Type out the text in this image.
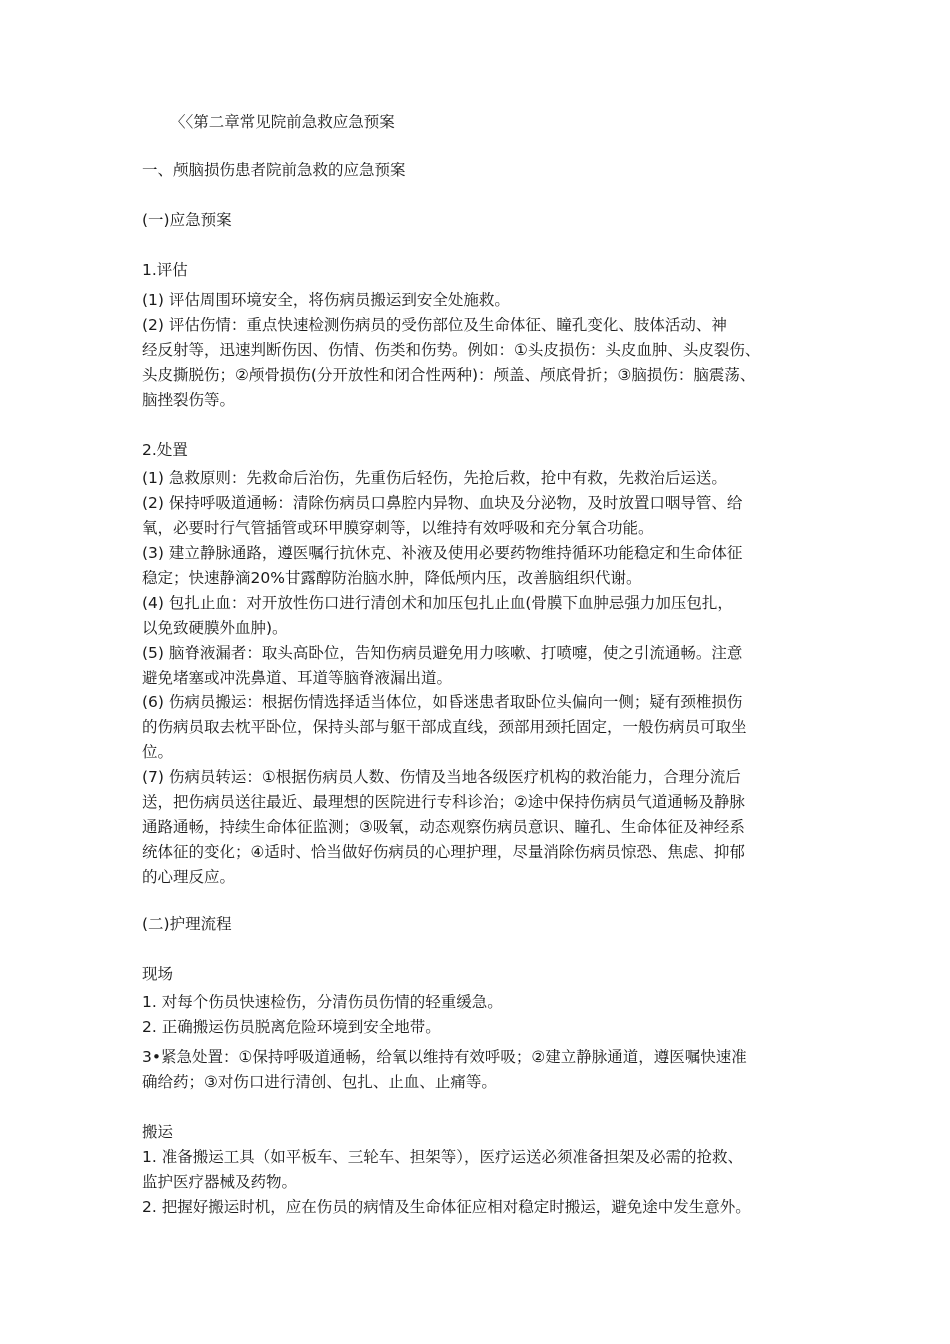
〈〈第二章常见院前急救应急预案
一、颅脑损伤患者院前急救的应急预案
(一)应急预案
1.评估
(1) 评估周围环境安全，将伤病员搬运到安全处施救。
(2) 评估伤情：重点快速检测伤病员的受伤部位及生命体征、瞳孔变化、肢体活动、神
经反射等，迅速判断伤因、伤情、伤类和伤势。例如：①头皮损伤：头皮血肿、头皮裂伤、
头皮撕脱伤；②颅骨损伤(分开放性和闭合性两种)：颅盖、颅底骨折；③脑损伤：脑震荡、
脑挫裂伤等。
2.处置
(1) 急救原则：先救命后治伤，先重伤后轻伤，先抢后救，抢中有救，先救治后运送。
(2) 保持呼吸道通畅：清除伤病员口鼻腔内异物、血块及分泌物，及时放置口咽导管、给
氧，必要时行气管插管或环甲膜穿刺等，以维持有效呼吸和充分氧合功能。
(3) 建立静脉通路，遵医嘱行抗休克、补液及使用必要药物维持循环功能稳定和生命体征
稳定；快速静滴20%甘露醇防治脑水肿，降低颅内压，改善脑组织代谢。
(4) 包扎止血：对开放性伤口进行清创术和加压包扎止血(骨膜下血肿忌强力加压包扎，
以免致硬膜外血肿)。
(5) 脑脊液漏者：取头高卧位，告知伤病员避免用力咳嗽、打喷嚏，使之引流通畅。注意
避免堵塞或冲洗鼻道、耳道等脑脊液漏出道。
(6) 伤病员搬运：根据伤情选择适当体位，如昏迷患者取卧位头偏向一侧；疑有颈椎损伤
的伤病员取去枕平卧位，保持头部与躯干部成直线，颈部用颈托固定，一般伤病员可取坐
位。
(7) 伤病员转运：①根据伤病员人数、伤情及当地各级医疗机构的救治能力，合理分流后
送，把伤病员送往最近、最理想的医院进行专科诊治；②途中保持伤病员气道通畅及静脉
通路通畅，持续生命体征监测；③吸氧，动态观察伤病员意识、瞳孔、生命体征及神经系
统体征的变化；④适时、恰当做好伤病员的心理护理，尽量消除伤病员惊恐、焦虑、抑郁
的心理反应。
(二)护理流程
现场
1. 对每个伤员快速检伤，分清伤员伤情的轻重缓急。
2. 正确搬运伤员脱离危险环境到安全地带。
3•紧急处置：①保持呼吸道通畅，给氧以维持有效呼吸；②建立静脉通道，遵医嘱快速准
确给药；③对伤口进行清创、包扎、止血、止痛等。
搬运
1. 准备搬运工具（如平板车、三轮车、担架等），医疗运送必须准备担架及必需的抢救、
监护医疗器械及药物。
2. 把握好搬运时机，应在伤员的病情及生命体征应相对稳定时搬运，避免途中发生意外。
